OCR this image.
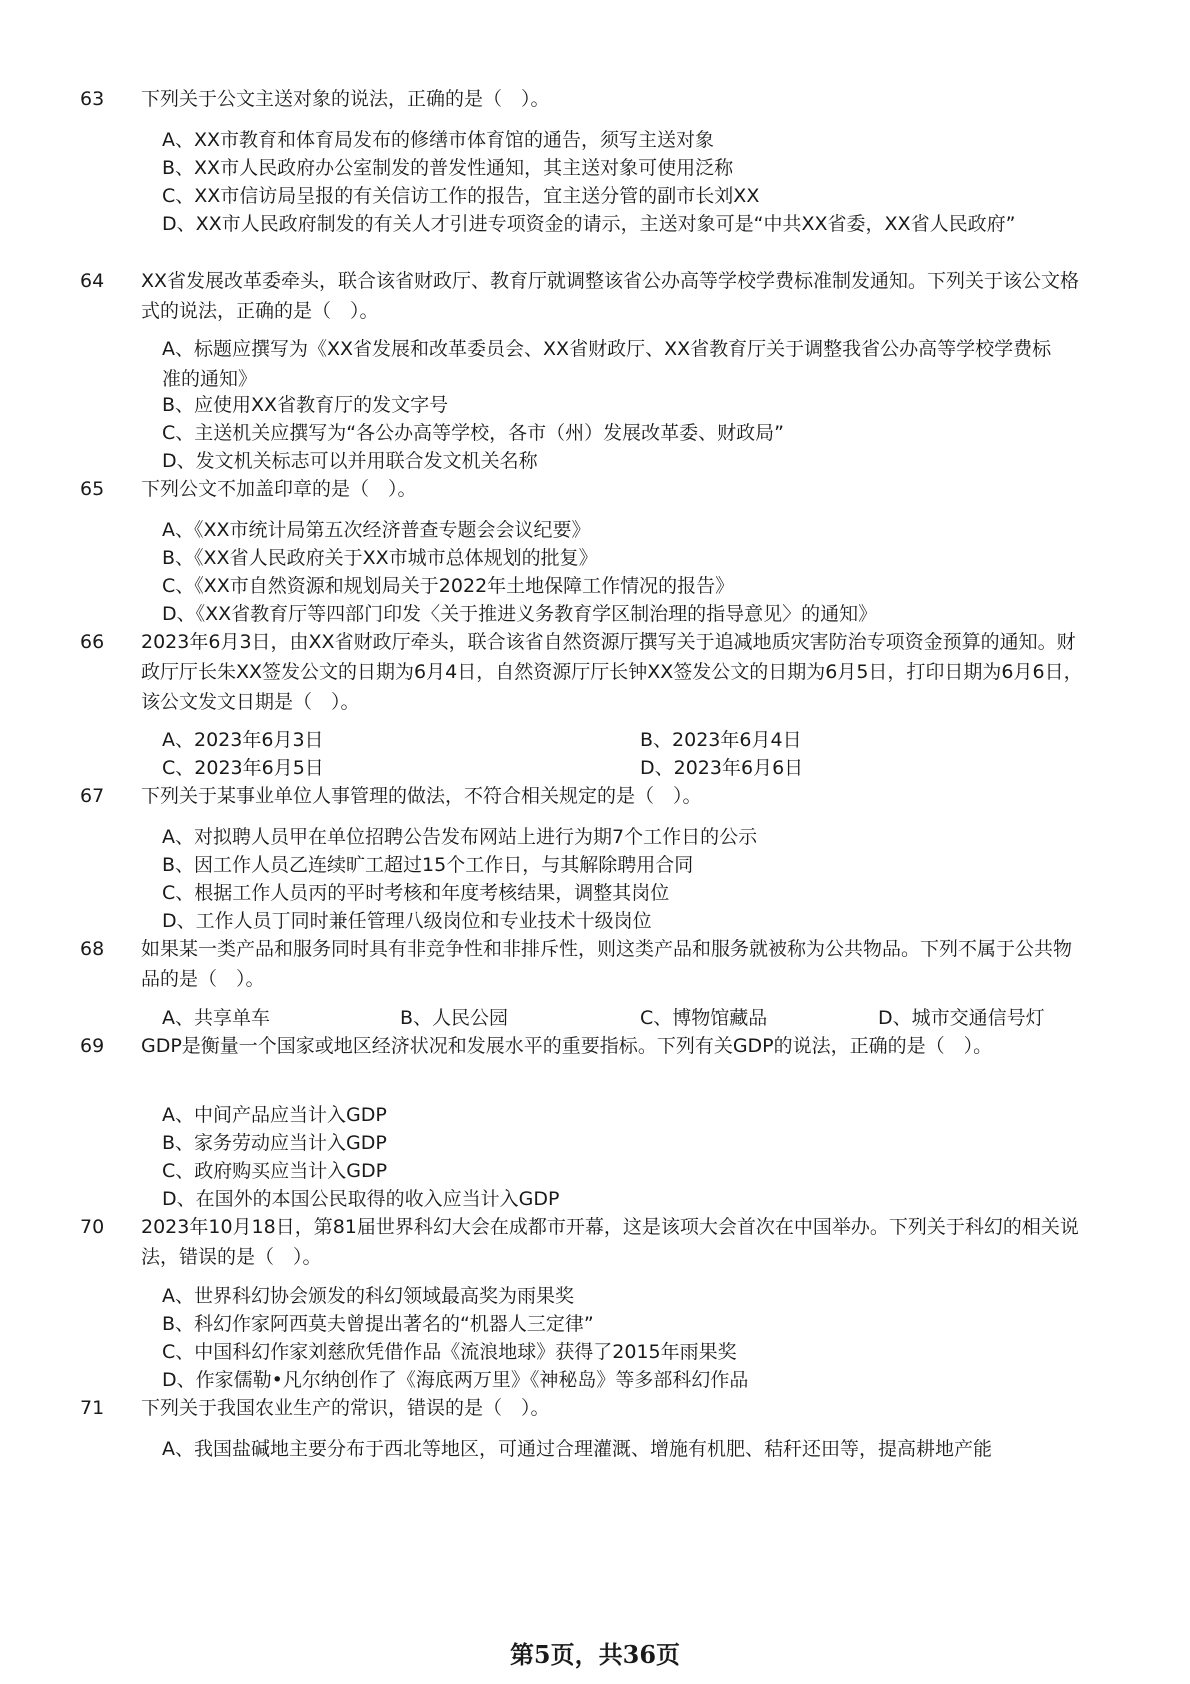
63 下列关于公文主送对象的说法，正确的是（　）。
A、XX市教育和体育局发布的修缮市体育馆的通告，须写主送对象
B、XX市人民政府办公室制发的普发性通知，其主送对象可使用泛称
C、XX市信访局呈报的有关信访工作的报告，宜主送分管的副市长刘XX
D、XX市人民政府制发的有关人才引进专项资金的请示，主送对象可是“中共XX省委，XX省人民政府”
64 XX省发展改革委牵头，联合该省财政厅、教育厅就调整该省公办高等学校学费标准制发通知。下列关于该公文格式的说法，正确的是（　）。
A、标题应撰写为《XX省发展和改革委员会、XX省财政厅、XX省教育厅关于调整我省公办高等学校学费标准的通知》
B、应使用XX省教育厅的发文字号
C、主送机关应撰写为“各公办高等学校，各市（州）发展改革委、财政局”
D、发文机关标志可以并用联合发文机关名称
65 下列公文不加盖印章的是（　）。
A、《XX市统计局第五次经济普查专题会会议纪要》
B、《XX省人民政府关于XX市城市总体规划的批复》
C、《XX市自然资源和规划局关于2022年土地保障工作情况的报告》
D、《XX省教育厅等四部门印发〈关于推进义务教育学区制治理的指导意见〉的通知》
66 2023年6月3日，由XX省财政厅牵头，联合该省自然资源厅撰写关于追减地质灾害防治专项资金预算的通知。财政厅厅长朱XX签发公文的日期为6月4日，自然资源厅厅长钟XX签发公文的日期为6月5日，打印日期为6月6日，该公文发文日期是（　）。
A、2023年6月3日	B、2023年6月4日
C、2023年6月5日	D、2023年6月6日
67 下列关于某事业单位人事管理的做法，不符合相关规定的是（　）。
A、对拟聘人员甲在单位招聘公告发布网站上进行为期7个工作日的公示
B、因工作人员乙连续旷工超过15个工作日，与其解除聘用合同
C、根据工作人员丙的平时考核和年度考核结果，调整其岗位
D、工作人员丁同时兼任管理八级岗位和专业技术十级岗位
68 如果某一类产品和服务同时具有非竞争性和非排斥性，则这类产品和服务就被称为公共物品。下列不属于公共物品的是（　）。
A、共享单车	B、人民公园	C、博物馆藏品	D、城市交通信号灯
69 GDP是衡量一个国家或地区经济状况和发展水平的重要指标。下列有关GDP的说法，正确的是（　）。
A、中间产品应当计入GDP
B、家务劳动应当计入GDP
C、政府购买应当计入GDP
D、在国外的本国公民取得的收入应当计入GDP
70 2023年10月18日，第81届世界科幻大会在成都市开幕，这是该项大会首次在中国举办。下列关于科幻的相关说法，错误的是（　）。
A、世界科幻协会颁发的科幻领域最高奖为雨果奖
B、科幻作家阿西莫夫曾提出著名的“机器人三定律”
C、中国科幻作家刘慈欣凭借作品《流浪地球》获得了2015年雨果奖
D、作家儒勒•凡尔纳创作了《海底两万里》《神秘岛》等多部科幻作品
71 下列关于我国农业生产的常识，错误的是（　）。
A、我国盐碱地主要分布于西北等地区，可通过合理灌溉、增施有机肥、秸秆还田等，提高耕地产能
第5页，共36页
